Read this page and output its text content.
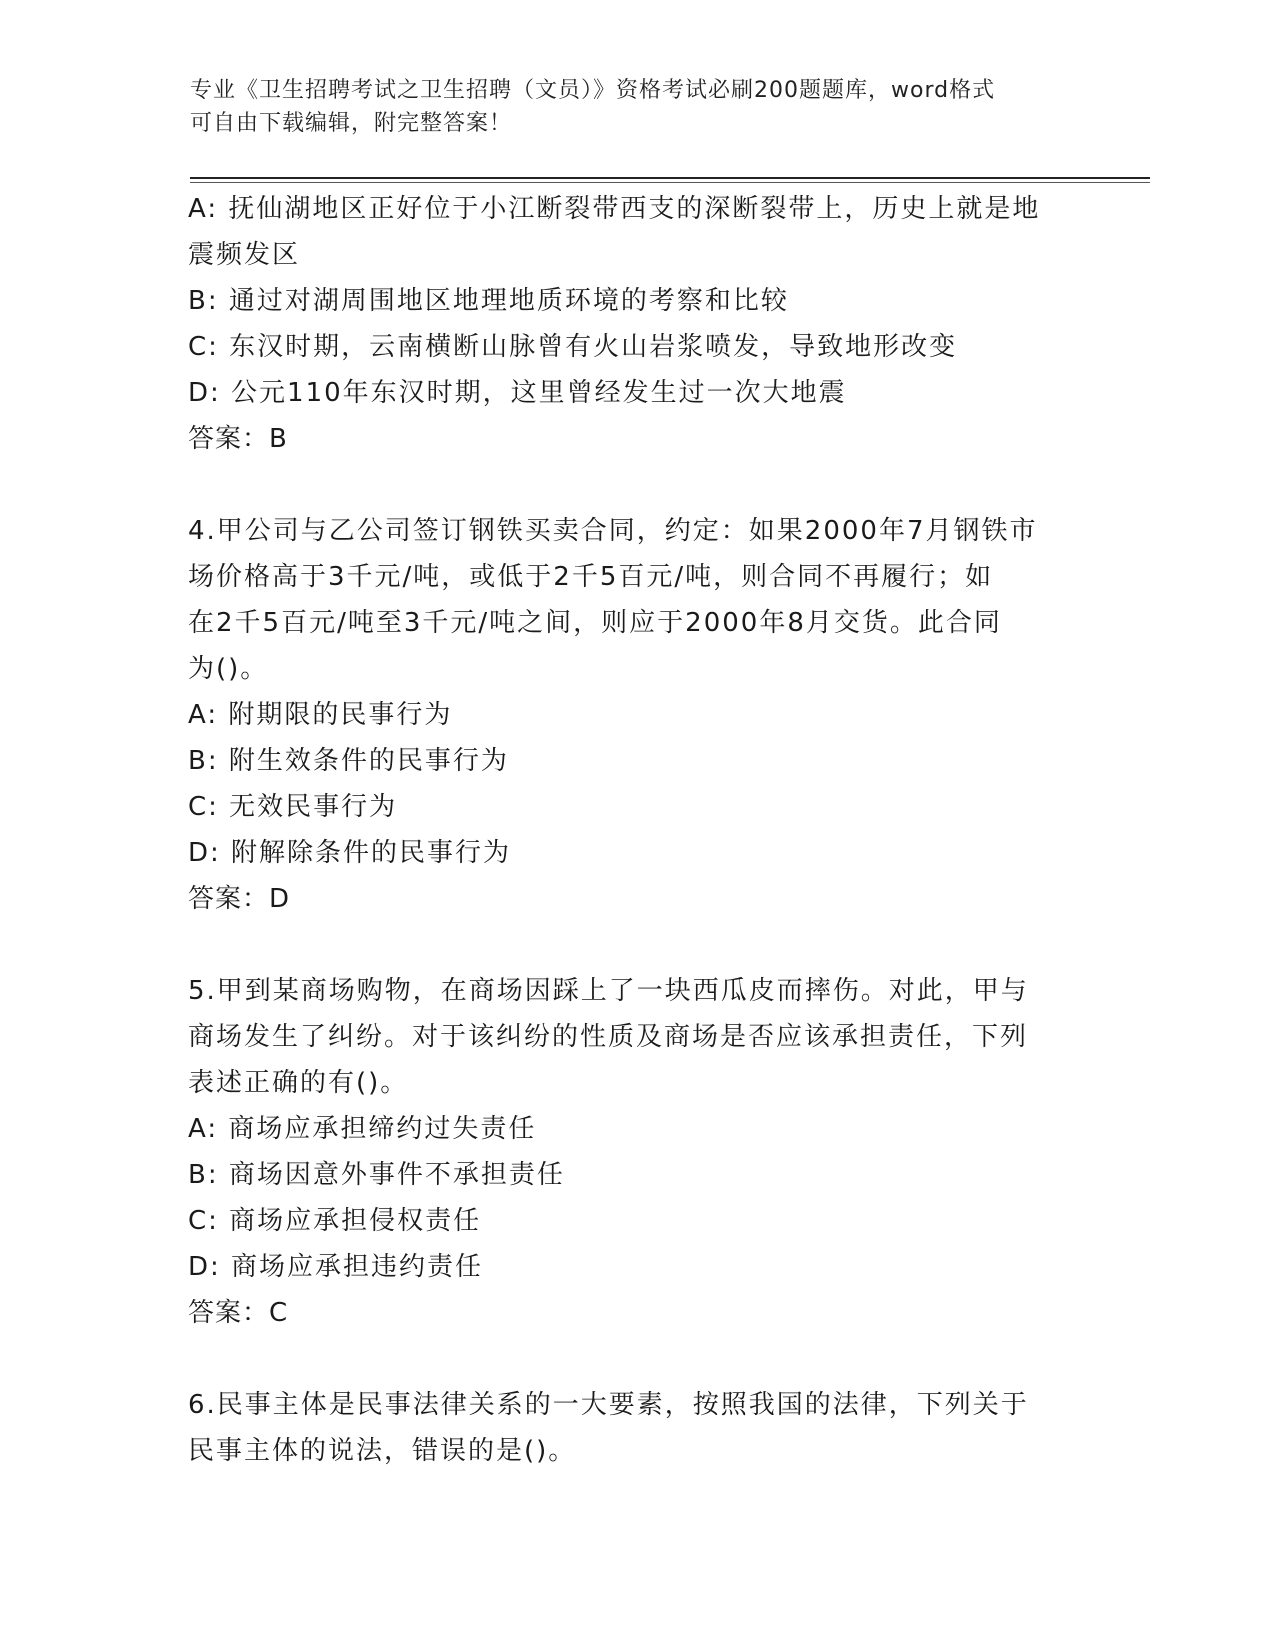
专业《卫生招聘考试之卫生招聘（文员）》资格考试必刷200题题库，word格式
可自由下载编辑，附完整答案！
A: 抚仙湖地区正好位于小江断裂带西支的深断裂带上，历史上就是地
震频发区
B: 通过对湖周围地区地理地质环境的考察和比较
C: 东汉时期，云南横断山脉曾有火山岩浆喷发，导致地形改变
D: 公元110年东汉时期，这里曾经发生过一次大地震
答案：B
4.甲公司与乙公司签订钢铁买卖合同，约定：如果2000年7月钢铁市
场价格高于3千元/吨，或低于2千5百元/吨，则合同不再履行；如
在2千5百元/吨至3千元/吨之间，则应于2000年8月交货。此合同
为()。
A: 附期限的民事行为
B: 附生效条件的民事行为
C: 无效民事行为
D: 附解除条件的民事行为
答案：D
5.甲到某商场购物，在商场因踩上了一块西瓜皮而摔伤。对此，甲与
商场发生了纠纷。对于该纠纷的性质及商场是否应该承担责任，下列
表述正确的有()。
A: 商场应承担缔约过失责任
B: 商场因意外事件不承担责任
C: 商场应承担侵权责任
D: 商场应承担违约责任
答案：C
6.民事主体是民事法律关系的一大要素，按照我国的法律，下列关于
民事主体的说法，错误的是()。
